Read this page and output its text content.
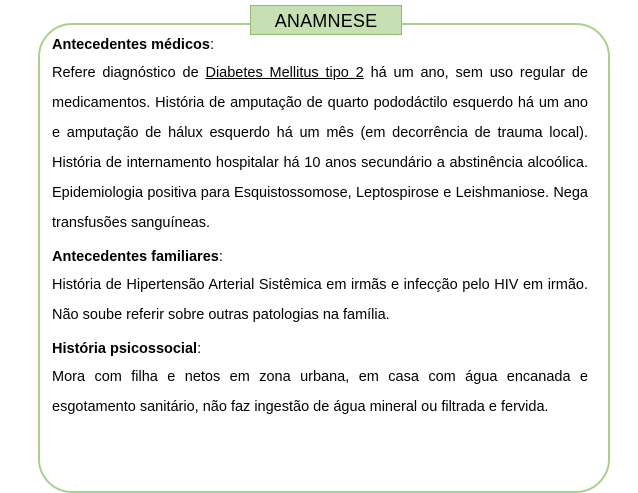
ANAMNESE
Antecedentes médicos:

Refere diagnóstico de Diabetes Mellitus tipo 2 há um ano, sem uso regular de medicamentos. História de amputação de quarto pododáctilo esquerdo há um ano e amputação de hálux esquerdo há um mês (em decorrência de trauma local). História de internamento hospitalar há 10 anos secundário a abstinência alcoólica. Epidemiologia positiva para Esquistossomose, Leptospirose e Leishmaniose. Nega transfusões sanguíneas.

Antecedentes familiares:

História de Hipertensão Arterial Sistêmica em irmãs e infecção pelo HIV em irmão. Não soube referir sobre outras patologias na família.

História psicossocial:

Mora com filha e netos em zona urbana, em casa com água encanada e esgotamento sanitário, não faz ingestão de água mineral ou filtrada e fervida.
